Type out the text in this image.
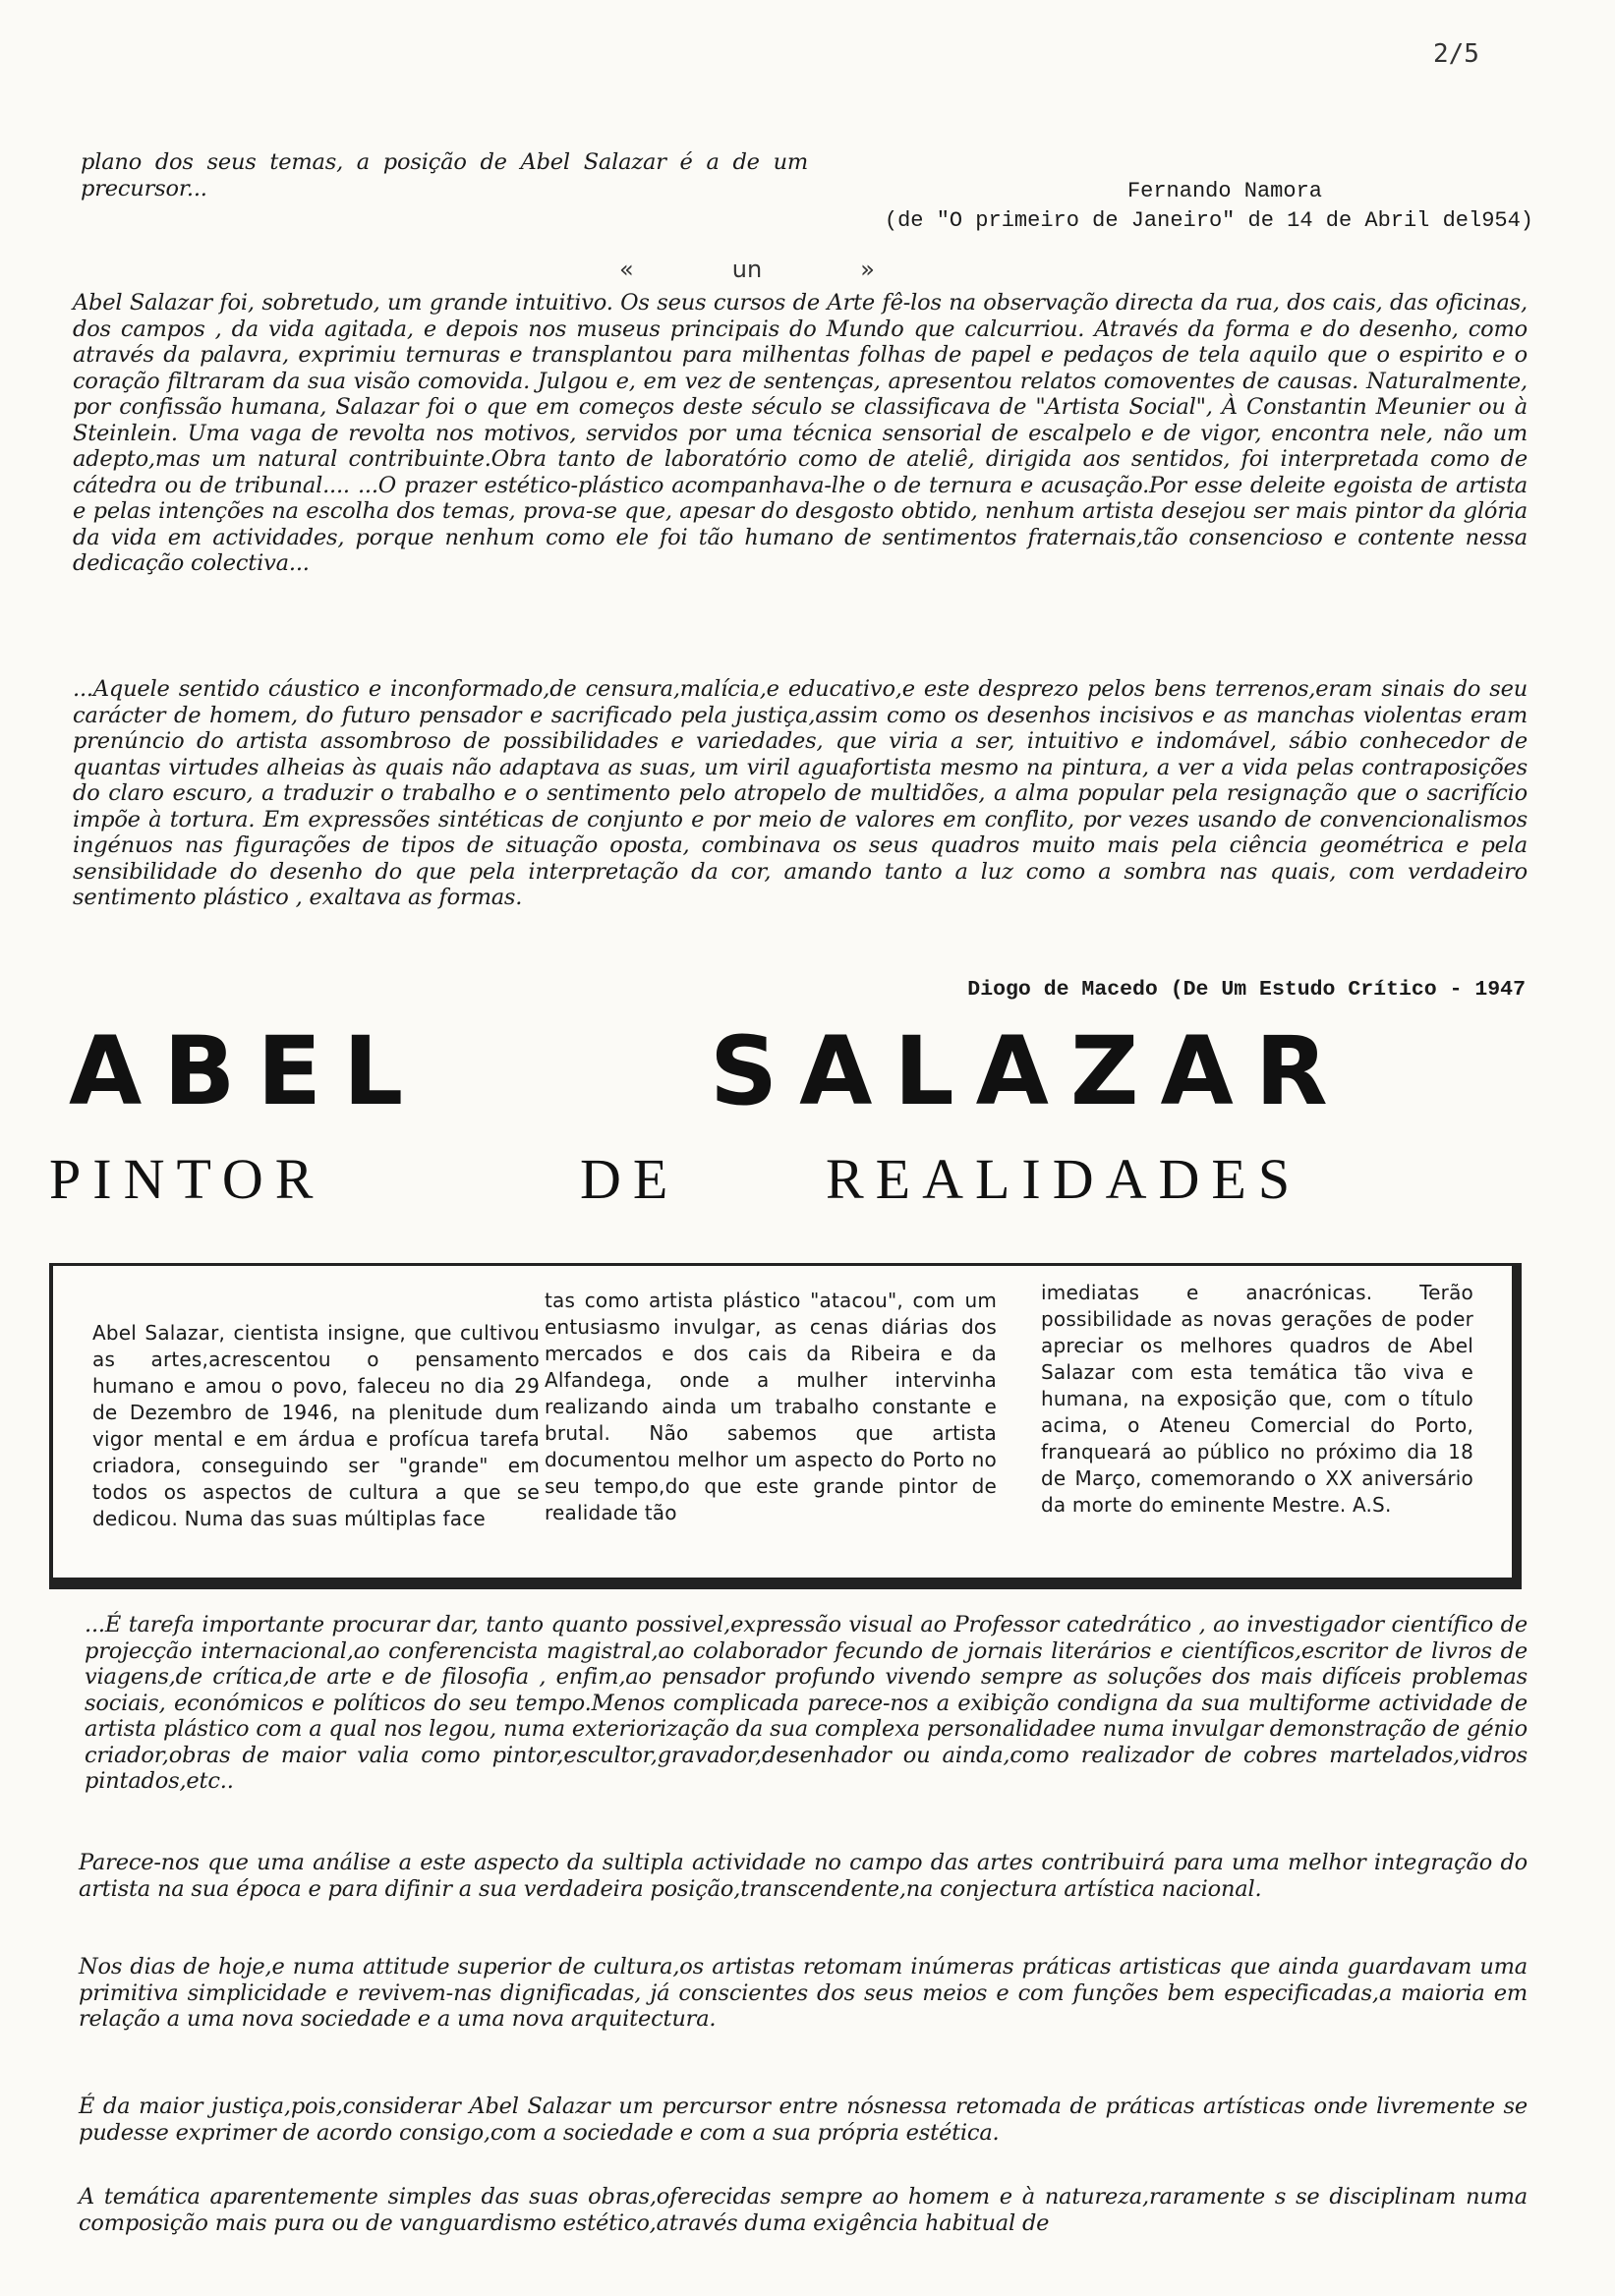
2/5

plano dos seus temas, a posição de Abel Salazar é a de um precursor...	Fernando Namora
(de "O primeiro de Janeiro" de 14 de Abril del954)
«	un	»

Abel Salazar foi, sobretudo, um grande intuitivo. Os seus cursos de Arte fê-los na observação directa da rua, dos cais, das oficinas, dos campos , da vida agitada, e depois nos museus principais do Mundo que calcurriou. Através da forma e do desenho, como através da palavra, exprimiu ternuras e transplantou para milhentas folhas de papel e pedaços de tela aquilo que o espirito e o coração filtraram da sua visão comovida. Julgou e, em vez de sentenças, apresentou relatos comoventes de causas. Naturalmente, por confissão humana, Salazar foi o que em começos deste século se classificava de "Artista Social", À Constantin Meunier ou à Steinlein. Uma vaga de revolta nos motivos, servidos por uma técnica sensorial de escalpelo e de vigor, encontra nele, não um adepto,mas um natural contribuinte.Obra tanto de laboratório como de ateliê, dirigida aos sentidos, foi interpretada como de cátedra ou de tribunal.... ...O prazer estético-plástico acompanhava-lhe o de ternura e acusação.Por esse deleite egoista de artista e pelas intenções na escolha dos temas, prova-se que, apesar do desgosto obtido, nenhum artista desejou ser mais pintor da glória da vida em actividades, porque nenhum como ele foi tão humano de sentimentos fraternais,tão consencioso e contente nessa dedicação colectiva...

...Aquele sentido cáustico e inconformado,de censura,malícia,e educativo,e este desprezo pelos bens terrenos,eram sinais do seu carácter de homem, do futuro pensador e sacrificado pela justiça,assim como os desenhos incisivos e as manchas violentas eram prenúncio do artista assombroso de possibilidades e variedades, que viria a ser, intuitivo e indomável, sábio conhecedor de quantas virtudes alheias às quais não adaptava as suas, um viril aguafortista mesmo na pintura, a ver a vida pelas contraposições do claro escuro, a traduzir o trabalho e o sentimento pelo atropelo de multidões, a alma popular pela resignação que o sacrifício impõe à tortura. Em expressões sintéticas de conjunto e por meio de valores em conflito, por vezes usando de convencionalismos ingénuos nas figurações de tipos de situação oposta, combinava os seus quadros muito mais pela ciência geométrica e pela sensibilidade do desenho do que pela interpretação da cor, amando tanto a luz como a sombra nas quais, com verdadeiro sentimento plástico , exaltava as formas.

Diogo de Macedo (De Um Estudo Crítico - 1947
ABEL	SALAZAR
PINTOR	DE	REALIDADES

Abel Salazar, cientista insigne, que cultivou as artes,acrescentou o pensamento humano e amou o povo, faleceu no dia 29 de Dezembro de 1946, na plenitude dum vigor mental e em árdua e profícua tarefa criadora, conseguindo ser "grande" em todos os aspectos de cultura a que se dedicou. Numa das suas múltiplas face

tas como artista plástico "atacou", com um entusiasmo invulgar, as cenas diárias dos mercados e dos cais da Ribeira e da Alfandega, onde a mulher intervinha realizando ainda um trabalho constante e brutal. Não sabemos que artista documentou melhor um aspecto do Porto no seu tempo,do que este grande pintor de realidade tão

imediatas e anacrónicas. Terão possibilidade as novas gerações de poder apreciar os melhores quadros de Abel Salazar com esta temática tão viva e humana, na exposição que, com o título acima, o Ateneu Comercial do Porto, franqueará ao público no próximo dia 18 de Março, comemorando o XX aniversário da morte do eminente Mestre. A.S.

...É tarefa importante procurar dar, tanto quanto possivel,expressão visual ao Professor catedrático , ao investigador científico de projecção internacional,ao conferencista magistral,ao colaborador fecundo de jornais literários e científicos,escritor de livros de viagens,de crítica,de arte e de filosofia , enfim,ao pensador profundo vivendo sempre as soluções dos mais difíceis problemas sociais, económicos e políticos do seu tempo.Menos complicada parece-nos a exibição condigna da sua multiforme actividade de artista plástico com a qual nos legou, numa exteriorização da sua complexa personalidadee numa invulgar demonstração de génio criador,obras de maior valia como pintor,escultor,gravador,desenhador ou ainda,como realizador de cobres martelados,vidros pintados,etc..

Parece-nos que uma análise a este aspecto da sultipla actividade no campo das artes contribuirá para uma melhor integração do artista na sua época e para difinir a sua verdadeira posição,transcendente,na conjectura artística nacional.

Nos dias de hoje,e numa attitude superior de cultura,os artistas retomam inúmeras práticas artisticas que ainda guardavam uma primitiva simplicidade e revivem-nas dignificadas, já conscientes dos seus meios e com funções bem especificadas,a maioria em relação a uma nova sociedade e a uma nova arquitectura.

É da maior justiça,pois,considerar Abel Salazar um percursor entre nósnessa retomada de práticas artísticas onde livremente se pudesse exprimer de acordo consigo,com a sociedade e com a sua própria estética.

A temática aparentemente simples das suas obras,oferecidas sempre ao homem e à natureza,raramente s se disciplinam numa composição mais pura ou de vanguardismo estético,através duma exigência habitual de
